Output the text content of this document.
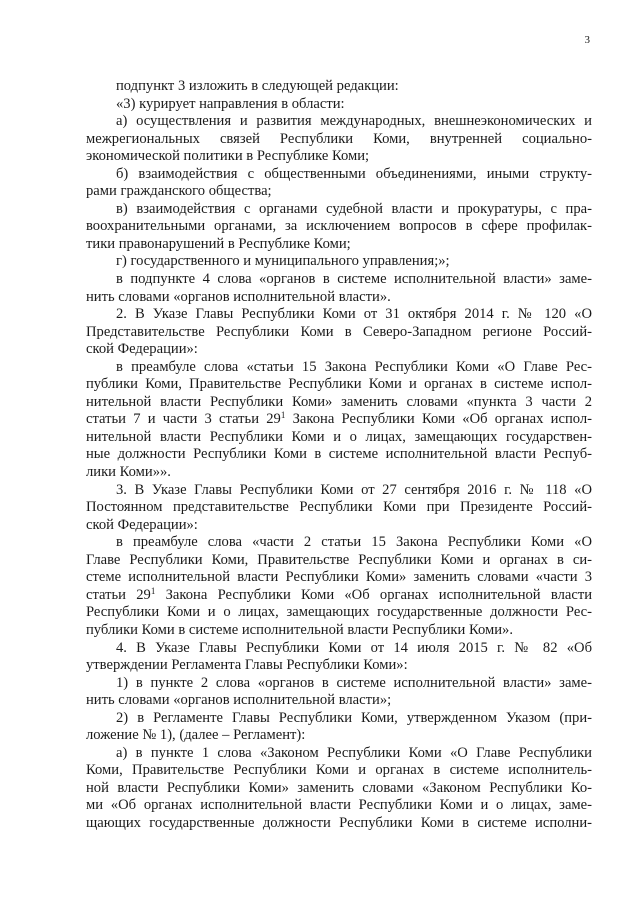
3
подпункт 3 изложить в следующей редакции:
«3) курирует направления в области:
а) осуществления и развития международных, внешнеэкономических и
межрегиональных связей Республики Коми, внутренней социально-
экономической политики в Республике Коми;
б) взаимодействия с общественными объединениями, иными структу-
рами гражданского общества;
в) взаимодействия с органами судебной власти и прокуратуры, с пра-
воохранительными органами, за исключением вопросов в сфере профилак-
тики правонарушений в Республике Коми;
г) государственного и муниципального управления;»;
в подпункте 4 слова «органов в системе исполнительной власти» заме-
нить словами «органов исполнительной власти».
2. В Указе Главы Республики Коми от 31 октября 2014 г. № 120 «О
Представительстве Республики Коми в Северо-Западном регионе Россий-
ской Федерации»:
в преамбуле слова «статьи 15 Закона Республики Коми «О Главе Рес-
публики Коми, Правительстве Республики Коми и органах в системе испол-
нительной власти Республики Коми» заменить словами «пункта 3 части 2
статьи 7 и части 3 статьи $29^1$ Закона Республики Коми «Об органах испол-
нительной власти Республики Коми и о лицах, замещающих государствен-
ные должности Республики Коми в системе исполнительной власти Респуб-
лики Коми»».
3. В Указе Главы Республики Коми от 27 сентября 2016 г. № 118 «О
Постоянном представительстве Республики Коми при Президенте Россий-
ской Федерации»:
в преамбуле слова «части 2 статьи 15 Закона Республики Коми «О
Главе Республики Коми, Правительстве Республики Коми и органах в си-
стеме исполнительной власти Республики Коми» заменить словами «части 3
статьи $29^1$ Закона Республики Коми «Об органах исполнительной власти
Республики Коми и о лицах, замещающих государственные должности Рес-
публики Коми в системе исполнительной власти Республики Коми».
4. В Указе Главы Республики Коми от 14 июля 2015 г. № 82 «Об
утверждении Регламента Главы Республики Коми»:
1) в пункте 2 слова «органов в системе исполнительной власти» заме-
нить словами «органов исполнительной власти»;
2) в Регламенте Главы Республики Коми, утвержденном Указом (при-
ложение № 1), (далее – Регламент):
а) в пункте 1 слова «Законом Республики Коми «О Главе Республики
Коми, Правительстве Республики Коми и органах в системе исполнитель-
ной власти Республики Коми» заменить словами «Законом Республики Ко-
ми «Об органах исполнительной власти Республики Коми и о лицах, заме-
щающих государственные должности Республики Коми в системе исполни-
